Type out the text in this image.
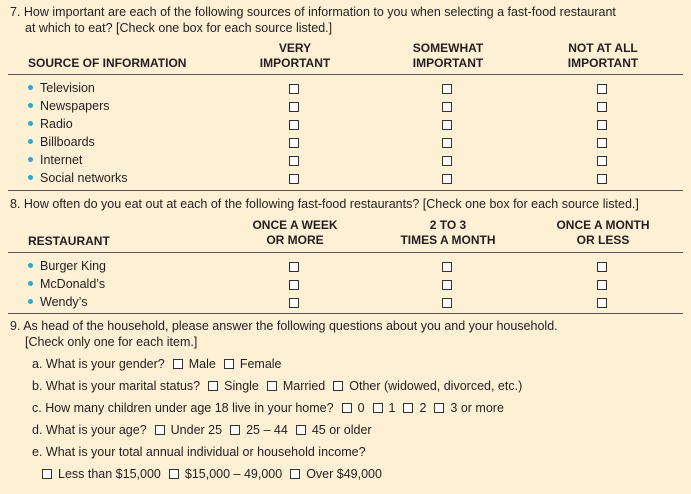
7. How important are each of the following sources of information to you when selecting a fast-food restaurant
at which to eat? [Check one box for each source listed.]
SOURCE OF INFORMATION
VERY
IMPORTANT
SOMEWHAT
IMPORTANT
NOT AT ALL
IMPORTANT
Television
Newspapers
Radio
Billboards
Internet
Social networks
8. How often do you eat out at each of the following fast-food restaurants? [Check one box for each source listed.]
RESTAURANT
ONCE A WEEK
OR MORE
2 TO 3
TIMES A MONTH
ONCE A MONTH
OR LESS
Burger King
McDonald’s
Wendy’s
9. As head of the household, please answer the following questions about you and your household.
[Check only one for each item.]
a. What is your gender? Male Female
b. What is your marital status? Single Married Other (widowed, divorced, etc.)
c. How many children under age 18 live in your home? 0 1 2 3 or more
d. What is your age? Under 25 25 – 44 45 or older
e. What is your total annual individual or household income?
Less than $15,000 $15,000 – 49,000 Over $49,000
